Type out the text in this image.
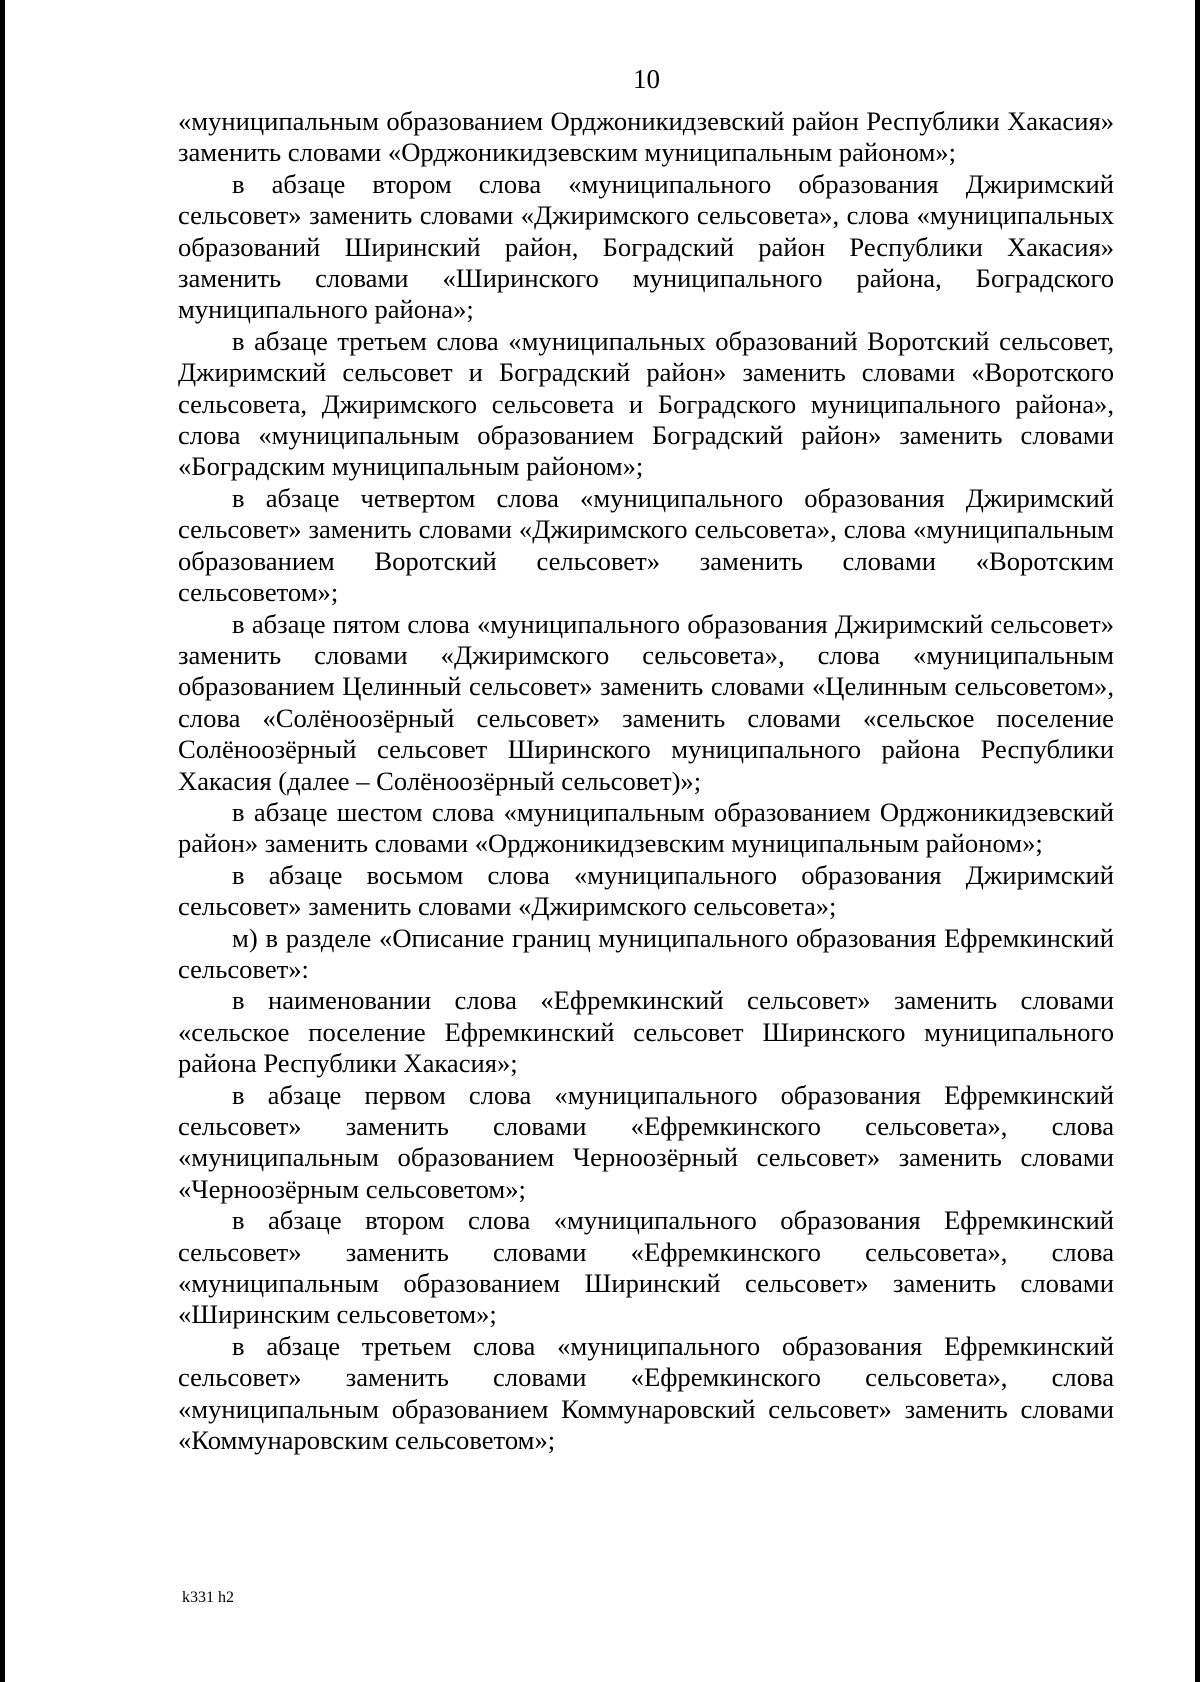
10

«муниципальным образованием Орджоникидзевский район Республики Хакасия» заменить словами «Орджоникидзевским муниципальным районом»;

в абзаце втором слова «муниципального образования Джиримский сельсовет» заменить словами «Джиримского сельсовета», слова «муниципальных образований Ширинский район, Боградский район Республики Хакасия» заменить словами «Ширинского муниципального района, Боградского муниципального района»;

в абзаце третьем слова «муниципальных образований Воротский сельсовет, Джиримский сельсовет и Боградский район» заменить словами «Воротского сельсовета, Джиримского сельсовета и Боградского муниципального района», слова «муниципальным образованием Боградский район» заменить словами «Боградским муниципальным районом»;

в абзаце четвертом слова «муниципального образования Джиримский сельсовет» заменить словами «Джиримского сельсовета», слова «муниципальным образованием Воротский сельсовет» заменить словами «Воротским сельсоветом»;

в абзаце пятом слова «муниципального образования Джиримский сельсовет» заменить словами «Джиримского сельсовета», слова «муниципальным образованием Целинный сельсовет» заменить словами «Целинным сельсоветом», слова «Солёноозёрный сельсовет» заменить словами «сельское поселение Солёноозёрный сельсовет Ширинского муниципального района Республики Хакасия (далее – Солёноозёрный сельсовет)»;

в абзаце шестом слова «муниципальным образованием Орджоникидзевский район» заменить словами «Орджоникидзевским муниципальным районом»;

в абзаце восьмом слова «муниципального образования Джиримский сельсовет» заменить словами «Джиримского сельсовета»;

м) в разделе «Описание границ муниципального образования Ефремкинский сельсовет»:

в наименовании слова «Ефремкинский сельсовет» заменить словами «сельское поселение Ефремкинский сельсовет Ширинского муниципального района Республики Хакасия»;

в абзаце первом слова «муниципального образования Ефремкинский сельсовет» заменить словами «Ефремкинского сельсовета», слова «муниципальным образованием Черноозёрный сельсовет» заменить словами «Черноозёрным сельсоветом»;

в абзаце втором слова «муниципального образования Ефремкинский сельсовет» заменить словами «Ефремкинского сельсовета», слова «муниципальным образованием Ширинский сельсовет» заменить словами «Ширинским сельсоветом»;

в абзаце третьем слова «муниципального образования Ефремкинский сельсовет» заменить словами «Ефремкинского сельсовета», слова «муниципальным образованием Коммунаровский сельсовет» заменить словами «Коммунаровским сельсоветом»;

k331 h2
